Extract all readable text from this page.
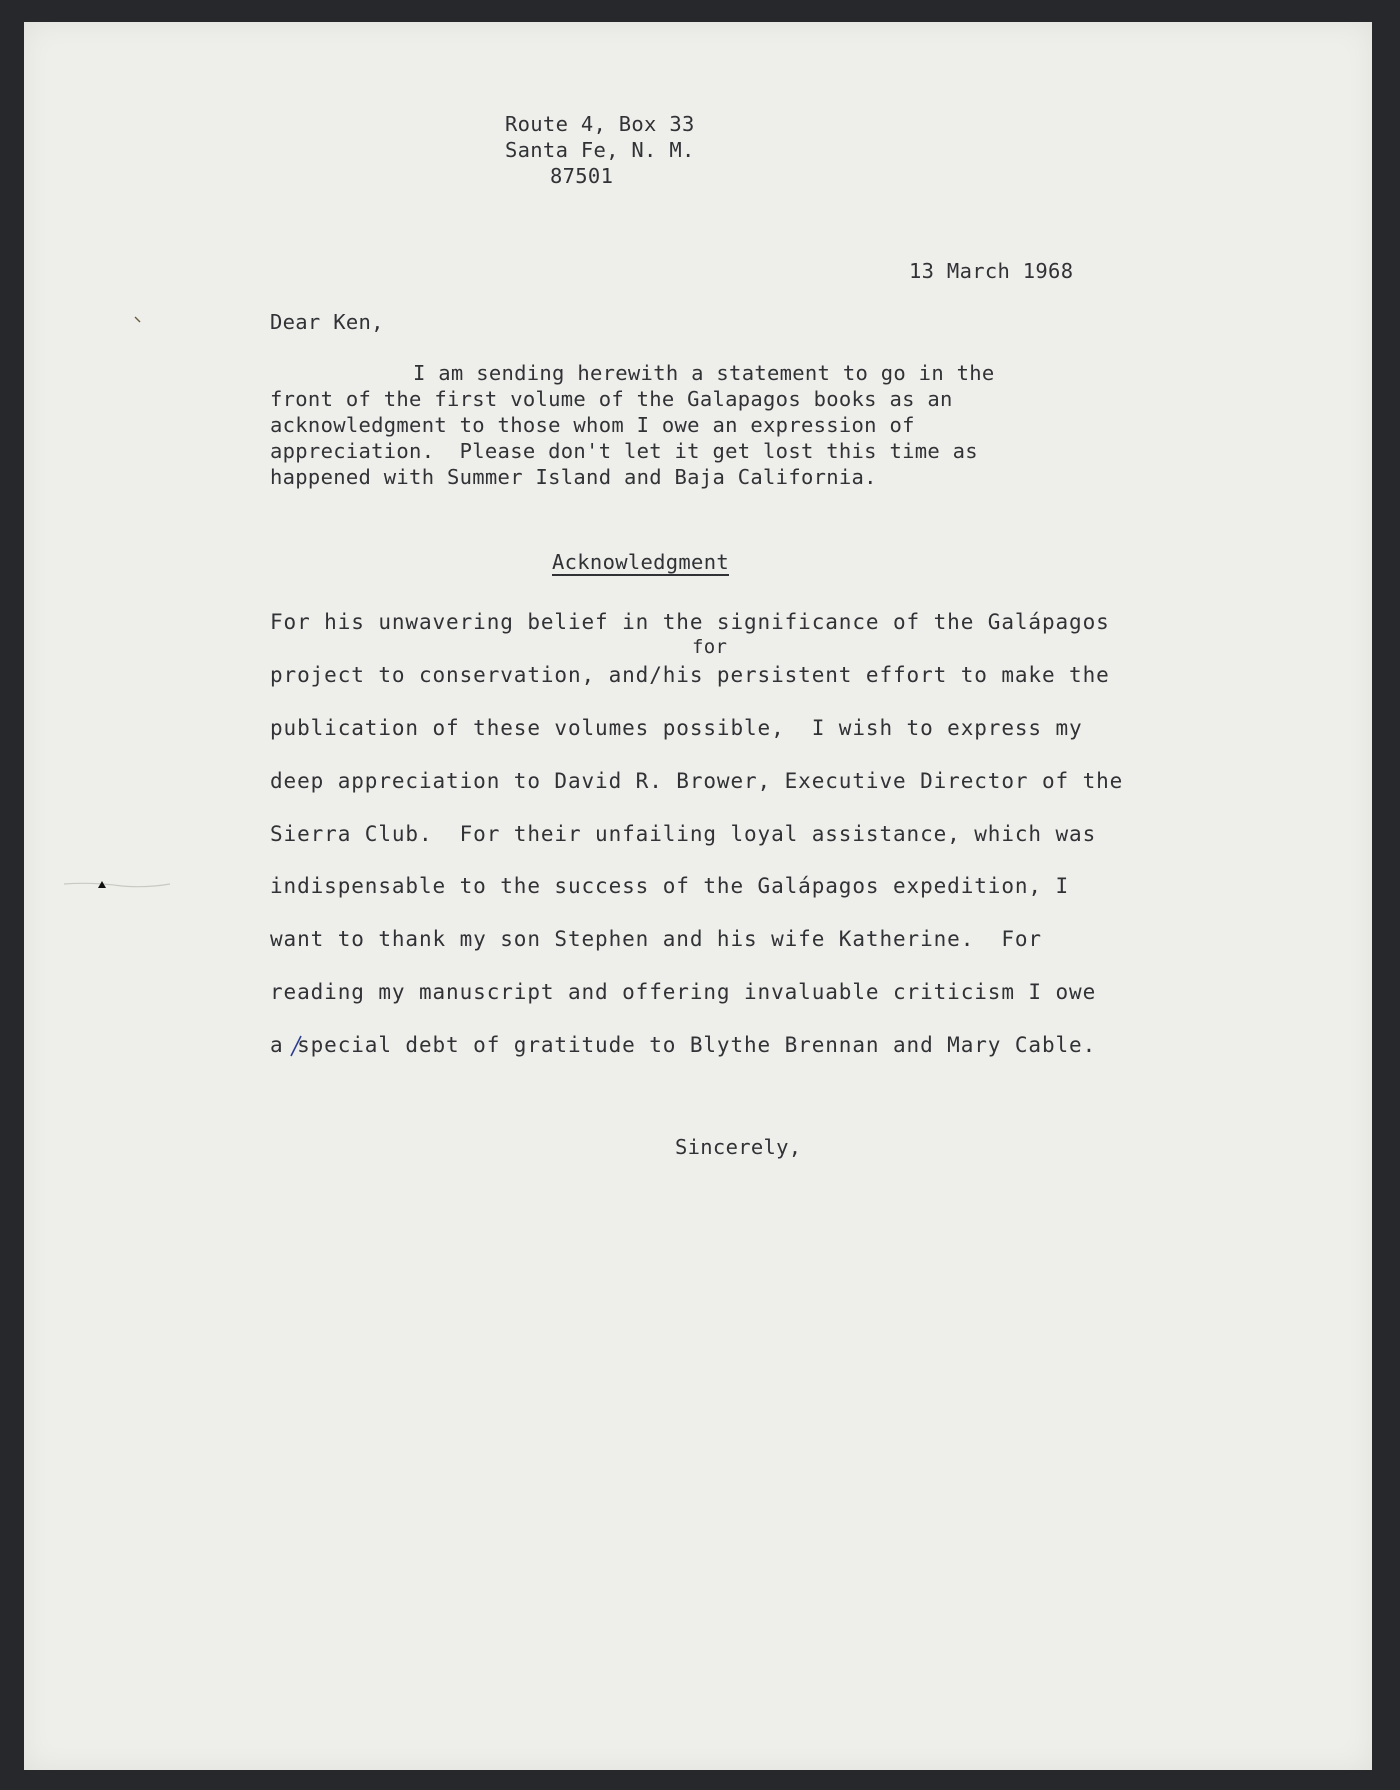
Route 4, Box 33

Santa Fe, N. M.

87501

13 March 1968

Dear Ken,

I am sending herewith a statement to go in the

front of the first volume of the Galapagos books as an

acknowledgment to those whom I owe an expression of

appreciation.  Please don't let it get lost this time as

happened with Summer Island and Baja California.

Acknowledgment

For his unwavering belief in the significance of the Galápagos

for

project to conservation, and/his persistent effort to make the

publication of these volumes possible,  I wish to express my

deep appreciation to David R. Brower, Executive Director of the

Sierra Club.  For their unfailing loyal assistance, which was

indispensable to the success of the Galápagos expedition, I

want to thank my son Stephen and his wife Katherine.  For

reading my manuscript and offering invaluable criticism I owe

a special debt of gratitude to Blythe Brennan and Mary Cable.

Sincerely,
